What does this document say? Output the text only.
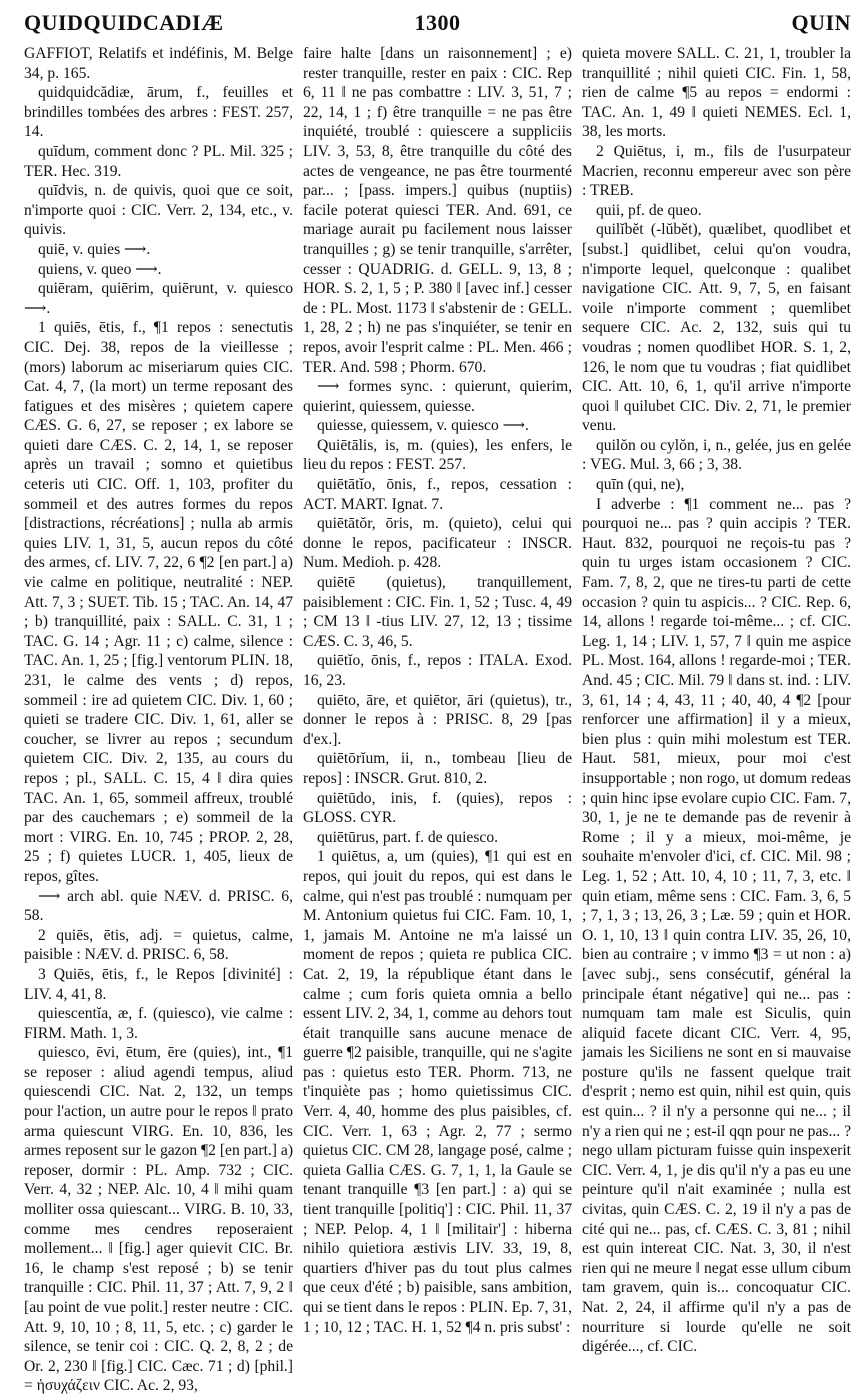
QUIDQUIDCADIÆ	1300	QUIN

GAFFIOT, Relatifs et indéfinis, M. Belge 34, p. 165.

quidquidcădiæ, ārum, f., feuilles et brindilles tombées des arbres : FEST. 257, 14.

quīdum, comment donc ? PL. Mil. 325 ; TER. Hec. 319.

quīdvis, n. de quivis, quoi que ce soit, n'importe quoi : CIC. Verr. 2, 134, etc., v. quivis.

quiē, v. quies ⟶.

quiens, v. queo ⟶.

quiēram, quiērim, quiērunt, v. quiesco ⟶.

1 quiēs, ētis, f., ¶1 repos : senectutis CIC. Dej. 38, repos de la vieillesse ; (mors) laborum ac miseriarum quies CIC. Cat. 4, 7, (la mort) un terme reposant des fatigues et des misères ; quietem capere CÆS. G. 6, 27, se reposer ; ex labore se quieti dare CÆS. C. 2, 14, 1, se reposer après un travail ; somno et quietibus ceteris uti CIC. Off. 1, 103, profiter du sommeil et des autres formes du repos [distractions, récréations] ; nulla ab armis quies LIV. 1, 31, 5, aucun repos du côté des armes, cf. LIV. 7, 22, 6 ¶2 [en part.] a) vie calme en politique, neutralité : NEP. Att. 7, 3 ; SUET. Tib. 15 ; TAC. An. 14, 47 ; b) tranquillité, paix : SALL. C. 31, 1 ; TAC. G. 14 ; Agr. 11 ; c) calme, silence : TAC. An. 1, 25 ; [fig.] ventorum PLIN. 18, 231, le calme des vents ; d) repos, sommeil : ire ad quietem CIC. Div. 1, 60 ; quieti se tradere CIC. Div. 1, 61, aller se coucher, se livrer au repos ; secundum quietem CIC. Div. 2, 135, au cours du repos ; pl., SALL. C. 15, 4 ‖ dira quies TAC. An. 1, 65, sommeil affreux, troublé par des cauchemars ; e) sommeil de la mort : VIRG. En. 10, 745 ; PROP. 2, 28, 25 ; f) quietes LUCR. 1, 405, lieux de repos, gîtes.

⟶ arch abl. quie NÆV. d. PRISC. 6, 58.

2 quiēs, ētis, adj. = quietus, calme, paisible : NÆV. d. PRISC. 6, 58.

3 Quiēs, ētis, f., le Repos [divinité] : LIV. 4, 41, 8.

quiescentĭa, æ, f. (quiesco), vie calme : FIRM. Math. 1, 3.

quiesco, ēvi, ētum, ēre (quies), int., ¶1 se reposer : aliud agendi tempus, aliud quiescendi CIC. Nat. 2, 132, un temps pour l'action, un autre pour le repos ‖ prato arma quiescunt VIRG. En. 10, 836, les armes reposent sur le gazon ¶2 [en part.] a) reposer, dormir : PL. Amp. 732 ; CIC. Verr. 4, 32 ; NEP. Alc. 10, 4 ‖ mihi quam molliter ossa quiescant... VIRG. B. 10, 33, comme mes cendres reposeraient mollement... ‖ [fig.] ager quievit CIC. Br. 16, le champ s'est reposé ; b) se tenir tranquille : CIC. Phil. 11, 37 ; Att. 7, 9, 2 ‖ [au point de vue polit.] rester neutre : CIC. Att. 9, 10, 10 ; 8, 11, 5, etc. ; c) garder le silence, se tenir coi : CIC. Q. 2, 8, 2 ; de Or. 2, 230 ‖ [fig.] CIC. Cæc. 71 ; d) [phil.] = ἡσυχάζειν CIC. Ac. 2, 93,

faire halte [dans un raisonnement] ; e) rester tranquille, rester en paix : CIC. Rep 6, 11 ‖ ne pas combattre : LIV. 3, 51, 7 ; 22, 14, 1 ; f) être tranquille = ne pas être inquiété, troublé : quiescere a suppliciis LIV. 3, 53, 8, être tranquille du côté des actes de vengeance, ne pas être tourmenté par... ; [pass. impers.] quibus (nuptiis) facile poterat quiesci TER. And. 691, ce mariage aurait pu facilement nous laisser tranquilles ; g) se tenir tranquille, s'arrêter, cesser : QUADRIG. d. GELL. 9, 13, 8 ; HOR. S. 2, 1, 5 ; P. 380 ‖ [avec inf.] cesser de : PL. Most. 1173 ‖ s'abstenir de : GELL. 1, 28, 2 ; h) ne pas s'inquiéter, se tenir en repos, avoir l'esprit calme : PL. Men. 466 ; TER. And. 598 ; Phorm. 670.

⟶ formes sync. : quierunt, quierim, quierint, quiessem, quiesse.

quiesse, quiessem, v. quiesco ⟶.

Quiētālis, is, m. (quies), les enfers, le lieu du repos : FEST. 257.

quiētātĭo, ōnis, f., repos, cessation : ACT. MART. Ignat. 7.

quiētātŏr, ōris, m. (quieto), celui qui donne le repos, pacificateur : INSCR. Num. Medioh. p. 428.

quiētē (quietus), tranquillement, paisiblement : CIC. Fin. 1, 52 ; Tusc. 4, 49 ; CM 13 ‖ -tius LIV. 27, 12, 13 ; tissime CÆS. C. 3, 46, 5.

quiētĭo, ōnis, f., repos : ITALA. Exod. 16, 23.

quiēto, āre, et quiētor, āri (quietus), tr., donner le repos à : PRISC. 8, 29 [pas d'ex.].

quiētōrĭum, ii, n., tombeau [lieu de repos] : INSCR. Grut. 810, 2.

quiētūdo, inis, f. (quies), repos : GLOSS. CYR.

quiētūrus, part. f. de quiesco.

1 quiētus, a, um (quies), ¶1 qui est en repos, qui jouit du repos, qui est dans le calme, qui n'est pas troublé : numquam per M. Antonium quietus fui CIC. Fam. 10, 1, 1, jamais M. Antoine ne m'a laissé un moment de repos ; quieta re publica CIC. Cat. 2, 19, la république étant dans le calme ; cum foris quieta omnia a bello essent LIV. 2, 34, 1, comme au dehors tout était tranquille sans aucune menace de guerre ¶2 paisible, tranquille, qui ne s'agite pas : quietus esto TER. Phorm. 713, ne t'inquiète pas ; homo quietissimus CIC. Verr. 4, 40, homme des plus paisibles, cf. CIC. Verr. 1, 63 ; Agr. 2, 77 ; sermo quietus CIC. CM 28, langage posé, calme ; quieta Gallia CÆS. G. 7, 1, 1, la Gaule se tenant tranquille ¶3 [en part.] : a) qui se tient tranquille [politiq'] : CIC. Phil. 11, 37 ; NEP. Pelop. 4, 1 ‖ [militair'] : hiberna nihilo quietiora æstivis LIV. 33, 19, 8, quartiers d'hiver pas du tout plus calmes que ceux d'été ; b) paisible, sans ambition, qui se tient dans le repos : PLIN. Ep. 7, 31, 1 ; 10, 12 ; TAC. H. 1, 52 ¶4 n. pris subst' :

quieta movere SALL. C. 21, 1, troubler la tranquillité ; nihil quieti CIC. Fin. 1, 58, rien de calme ¶5 au repos = endormi : TAC. An. 1, 49 ‖ quieti NEMES. Ecl. 1, 38, les morts.

2 Quiētus, i, m., fils de l'usurpateur Macrien, reconnu empereur avec son père : TREB.

quii, pf. de queo.

quilĭbĕt (-lŭbĕt), quælibet, quodlibet et [subst.] quidlibet, celui qu'on voudra, n'importe lequel, quelconque : qualibet navigatione CIC. Att. 9, 7, 5, en faisant voile n'importe comment ; quemlibet sequere CIC. Ac. 2, 132, suis qui tu voudras ; nomen quodlibet HOR. S. 1, 2, 126, le nom que tu voudras ; fiat quidlibet CIC. Att. 10, 6, 1, qu'il arrive n'importe quoi ‖ quilubet CIC. Div. 2, 71, le premier venu.

quilŏn ou cylŏn, i, n., gelée, jus en gelée : VEG. Mul. 3, 66 ; 3, 38.

quīn (qui, ne),

I adverbe : ¶1 comment ne... pas ? pourquoi ne... pas ? quin accipis ? TER. Haut. 832, pourquoi ne reçois-tu pas ? quin tu urges istam occasionem ? CIC. Fam. 7, 8, 2, que ne tires-tu parti de cette occasion ? quin tu aspicis... ? CIC. Rep. 6, 14, allons ! regarde toi-même... ; cf. CIC. Leg. 1, 14 ; LIV. 1, 57, 7 ‖ quin me aspice PL. Most. 164, allons ! regarde-moi ; TER. And. 45 ; CIC. Mil. 79 ‖ dans st. ind. : LIV. 3, 61, 14 ; 4, 43, 11 ; 40, 40, 4 ¶2 [pour renforcer une affirmation] il y a mieux, bien plus : quin mihi molestum est TER. Haut. 581, mieux, pour moi c'est insupportable ; non rogo, ut domum redeas ; quin hinc ipse evolare cupio CIC. Fam. 7, 30, 1, je ne te demande pas de revenir à Rome ; il y a mieux, moi-même, je souhaite m'envoler d'ici, cf. CIC. Mil. 98 ; Leg. 1, 52 ; Att. 10, 4, 10 ; 11, 7, 3, etc. ‖ quin etiam, même sens : CIC. Fam. 3, 6, 5 ; 7, 1, 3 ; 13, 26, 3 ; Læ. 59 ; quin et HOR. O. 1, 10, 13 ‖ quin contra LIV. 35, 26, 10, bien au contraire ; v immo ¶3 = ut non : a) [avec subj., sens consécutif, général la principale étant négative] qui ne... pas : numquam tam male est Siculis, quin aliquid facete dicant CIC. Verr. 4, 95, jamais les Siciliens ne sont en si mauvaise posture qu'ils ne fassent quelque trait d'esprit ; nemo est quin, nihil est quin, quis est quin... ? il n'y a personne qui ne... ; il n'y a rien qui ne ; est-il qqn pour ne pas... ? nego ullam picturam fuisse quin inspexerit CIC. Verr. 4, 1, je dis qu'il n'y a pas eu une peinture qu'il n'ait examinée ; nulla est civitas, quin CÆS. C. 2, 19 il n'y a pas de cité qui ne... pas, cf. CÆS. C. 3, 81 ; nihil est quin intereat CIC. Nat. 3, 30, il n'est rien qui ne meure ‖ negat esse ullum cibum tam gravem, quin is... concoquatur CIC. Nat. 2, 24, il affirme qu'il n'y a pas de nourriture si lourde qu'elle ne soit digérée..., cf. CIC.
